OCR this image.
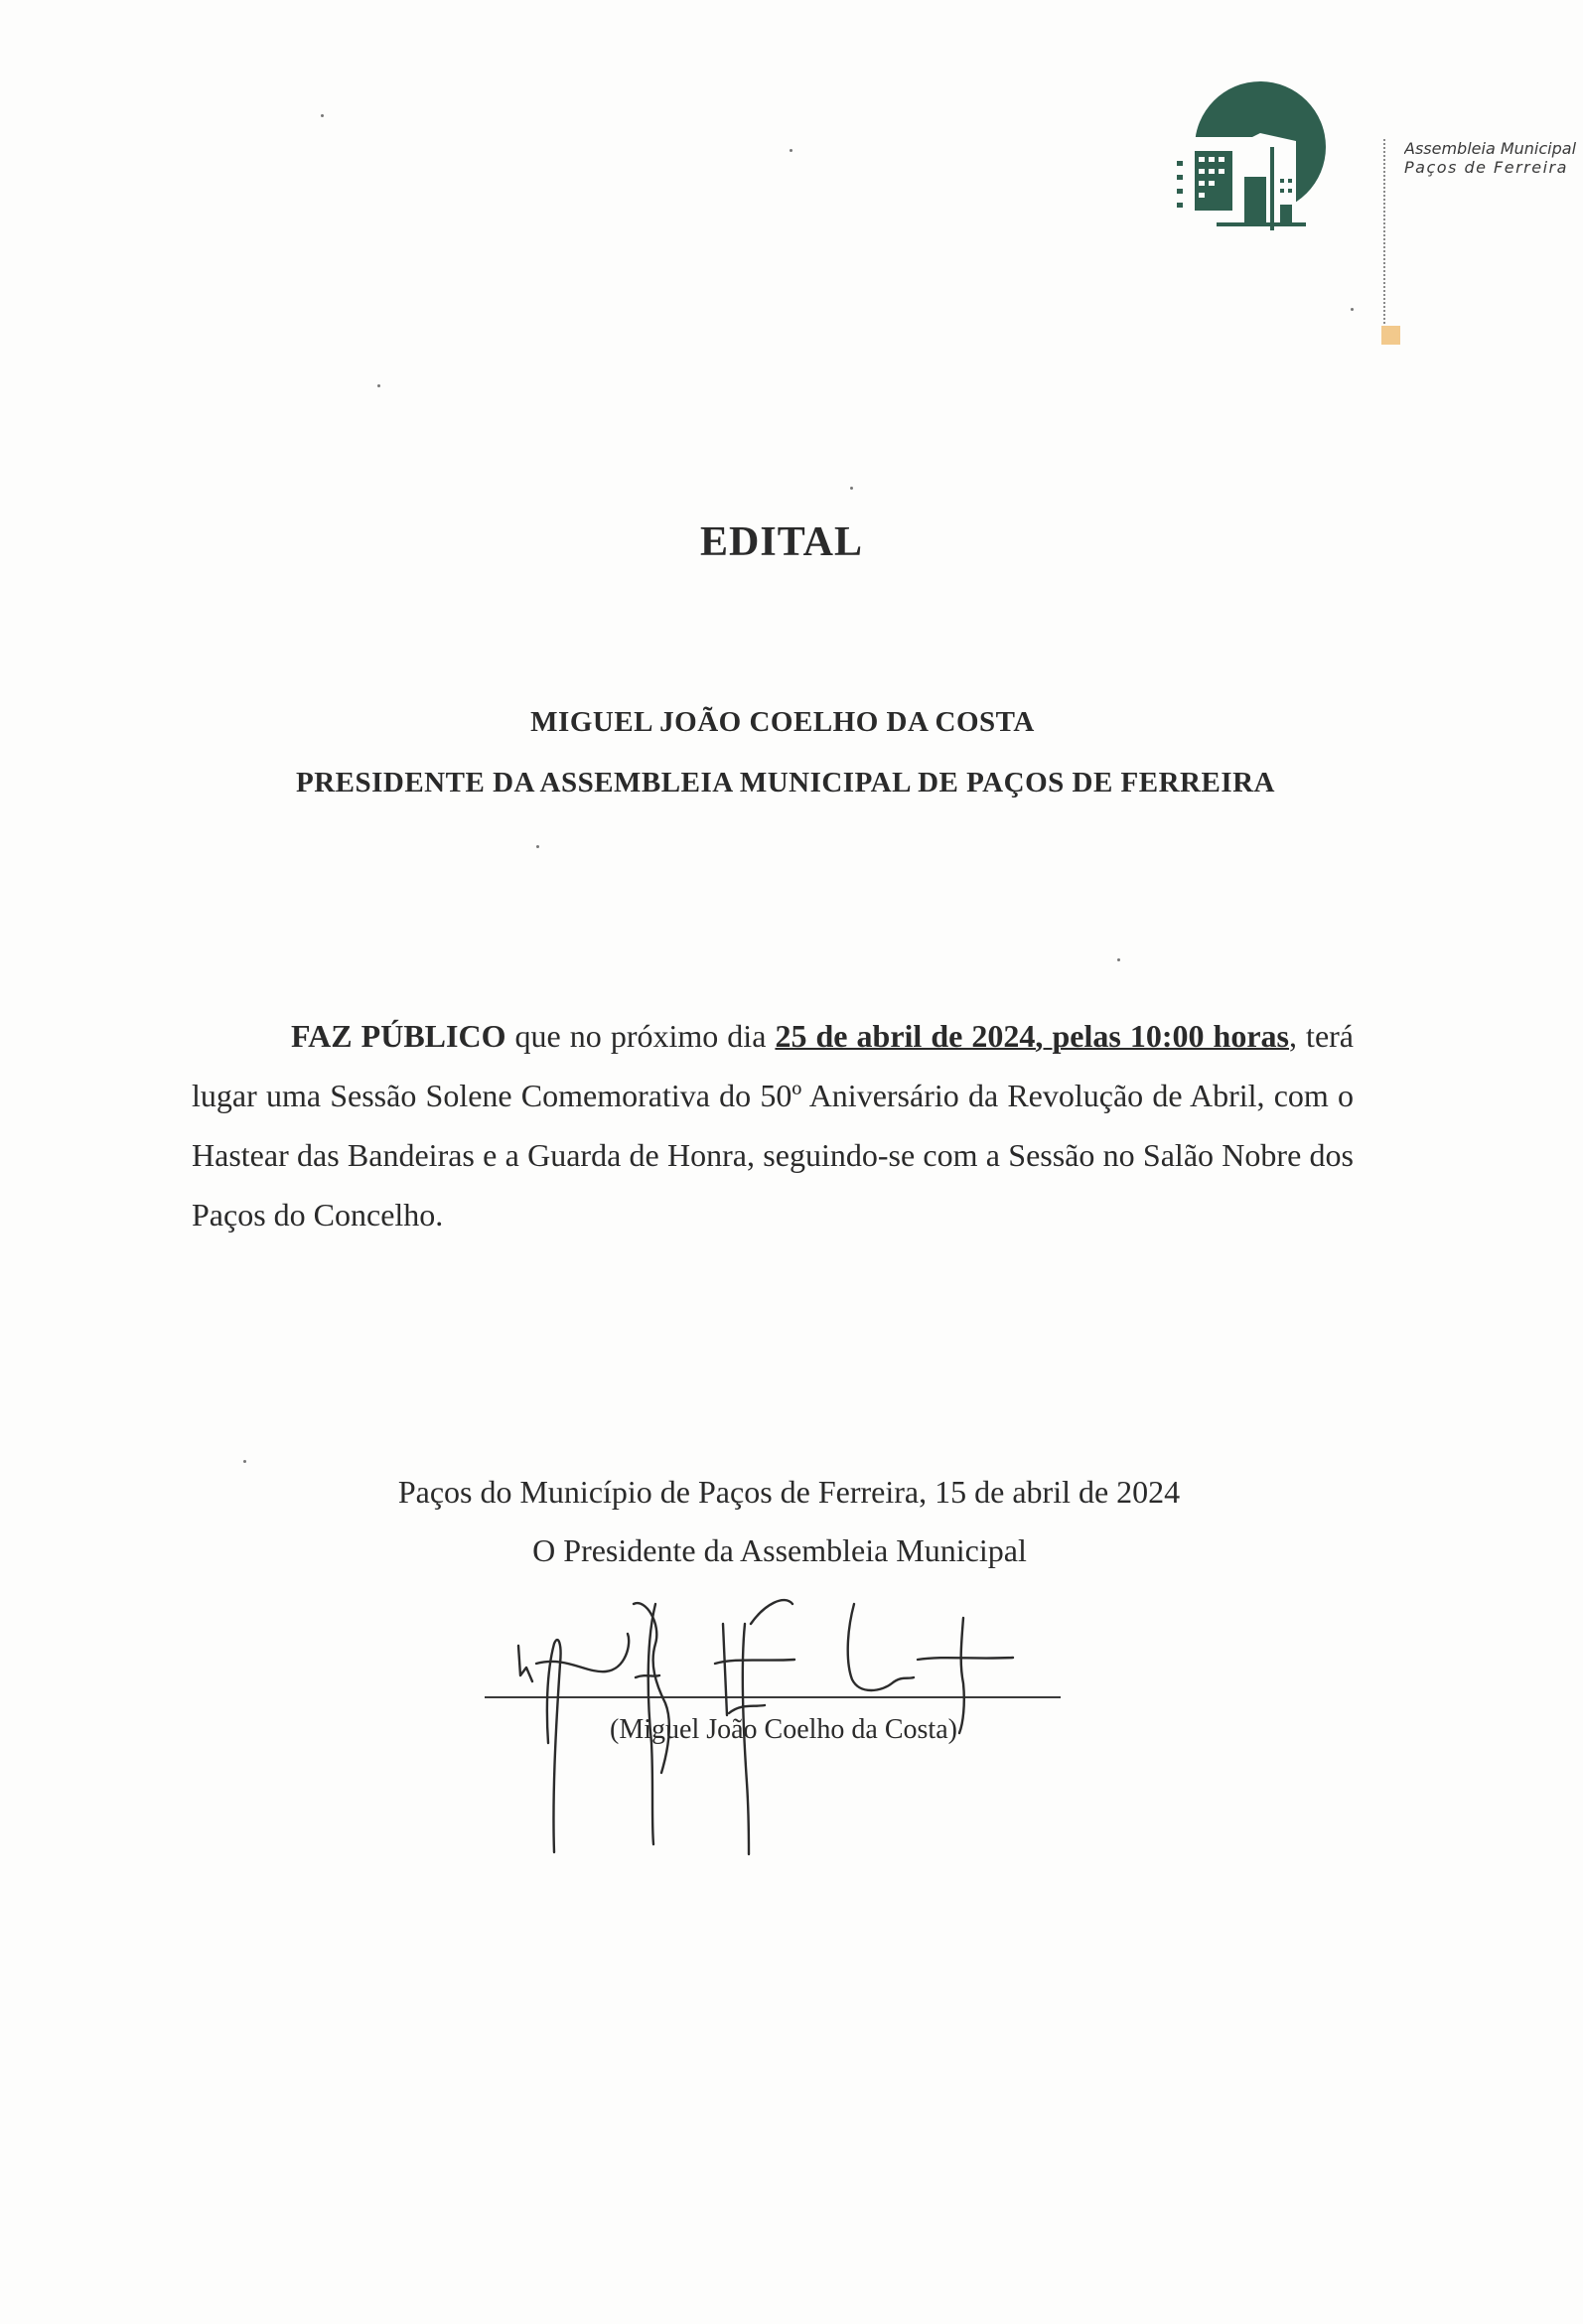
Assembleia Municipal
Paços de Ferreira
EDITAL
MIGUEL JOÃO COELHO DA COSTA
PRESIDENTE DA ASSEMBLEIA MUNICIPAL DE PAÇOS DE FERREIRA
FAZ PÚBLICO que no próximo dia 25 de abril de 2024, pelas 10:00 horas, terá lugar uma Sessão Solene Comemorativa do 50º Aniversário da Revolução de Abril, com o Hastear das Bandeiras e a Guarda de Honra, seguindo-se com a Sessão no Salão Nobre dos Paços do Concelho.
Paços do Município de Paços de Ferreira, 15 de abril de 2024
O Presidente da Assembleia Municipal
(Miguel João Coelho da Costa)
